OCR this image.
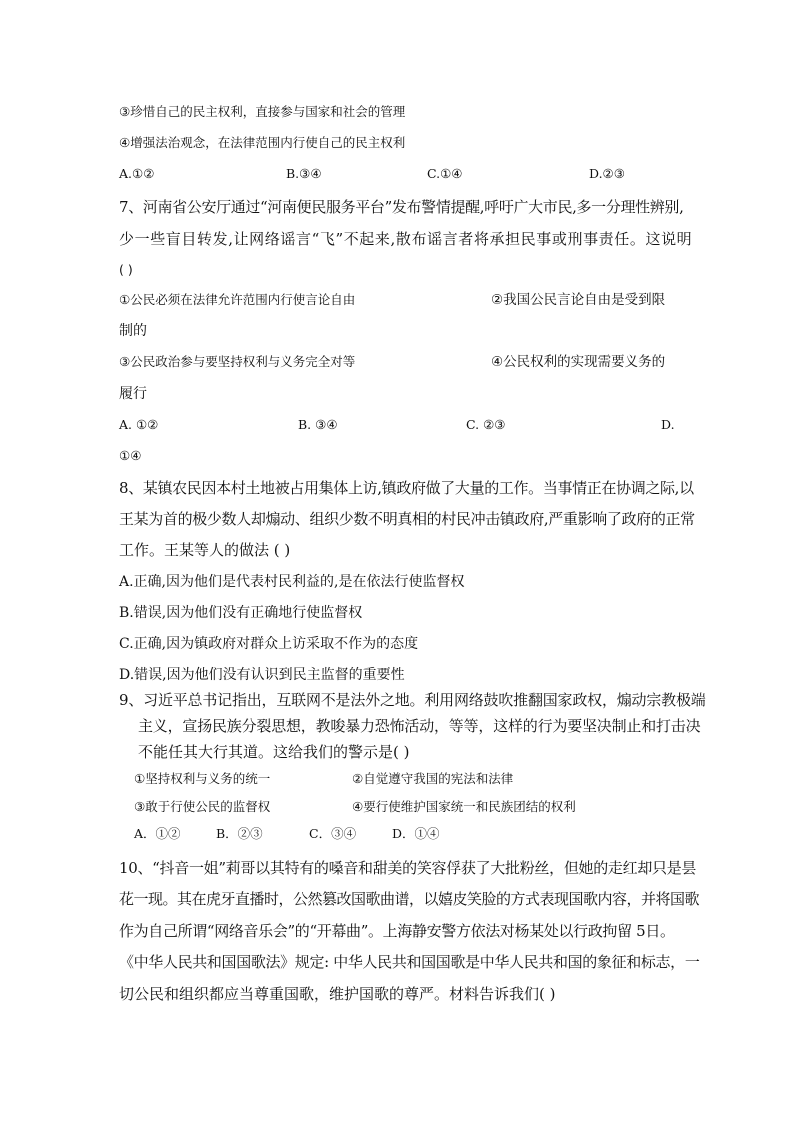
③珍惜自己的民主权利，直接参与国家和社会的管理
④增强法治观念，在法律范围内行使自己的民主权利
A.①②	B.③④	C.①④	D.②③
7、河南省公安厅通过“河南便民服务平台”发布警情提醒,呼吁广大市民,多一分理性辨别,
少一些盲目转发,让网络谣言“飞”不起来,散布谣言者将承担民事或刑事责任。这说明
( )
①公民必须在法律允许范围内行使言论自由	②我国公民言论自由是受到限
制的
③公民政治参与要坚持权利与义务完全对等	④公民权利的实现需要义务的
履行
A. ①②	B. ③④	C. ②③	D.
①④
8、某镇农民因本村土地被占用集体上访,镇政府做了大量的工作。当事情正在协调之际,以
王某为首的极少数人却煽动、组织少数不明真相的村民冲击镇政府,严重影响了政府的正常
工作。王某等人的做法 ( )
A.正确,因为他们是代表村民利益的,是在依法行使监督权
B.错误,因为他们没有正确地行使监督权
C.正确,因为镇政府对群众上访采取不作为的态度
D.错误,因为他们没有认识到民主监督的重要性
9、习近平总书记指出，互联网不是法外之地。利用网络鼓吹推翻国家政权，煽动宗教极端
主义，宣扬民族分裂思想，教唆暴力恐怖活动，等等，这样的行为要坚决制止和打击决
不能任其大行其道。这给我们的警示是( )
①坚持权利与义务的统一	②自觉遵守我国的宪法和法律
③敢于行使公民的监督权	④要行使维护国家统一和民族团结的权利
A．①②	B．②③	C．③④	D．①④
10、“抖音一姐”莉哥以其特有的嗓音和甜美的笑容俘获了大批粉丝，但她的走红却只是昙
花一现。其在虎牙直播时，公然篡改国歌曲谱，以嬉皮笑脸的方式表现国歌内容，并将国歌
作为自己所谓“网络音乐会”的“开幕曲”。上海静安警方依法对杨某处以行政拘留 5日。
《中华人民共和国国歌法》规定: 中华人民共和国国歌是中华人民共和国的象征和标志，一
切公民和组织都应当尊重国歌，维护国歌的尊严。材料告诉我们( )
